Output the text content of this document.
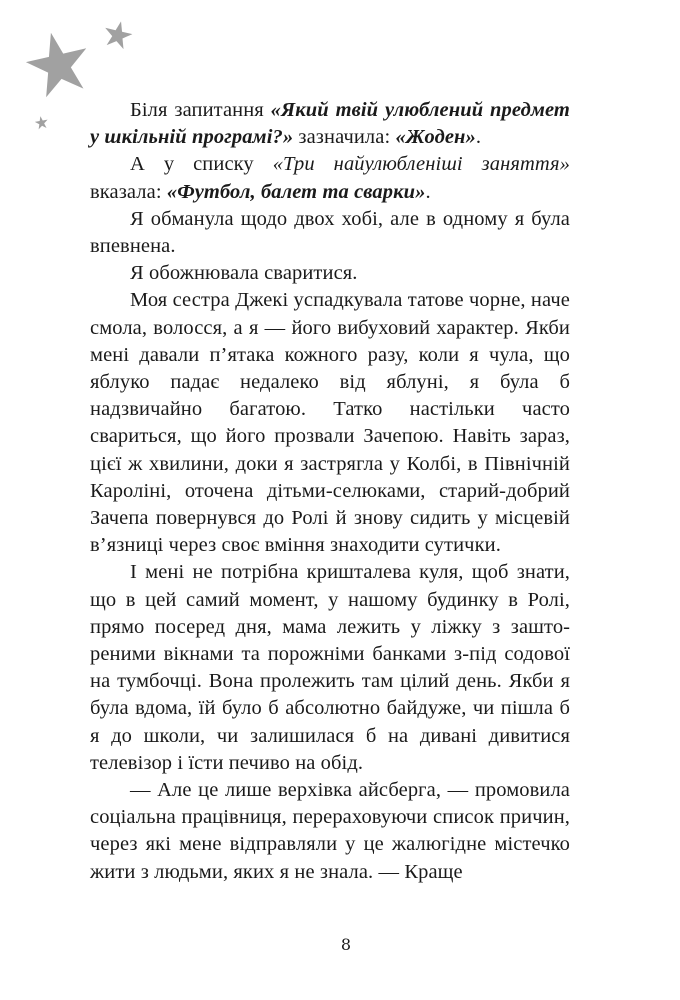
Біля запитання «Який твій улюблений предмет у шкільній програмі?» зазначила: «Жоден».

А у списку «Три найулюбленіші заняття» вказала: «Футбол, балет та сварки».

Я обманула щодо двох хобі, але в одному я була впевнена.

Я обожнювала сваритися.

Моя сестра Джекі успадкувала татове чорне, наче смола, волосся, а я — його вибуховий характер. Якби мені давали п’ятака кожного разу, коли я чула, що яблуко падає недалеко від яблуні, я була б надзвичайно багатою. Татко настільки часто свариться, що його прозвали Зачепою. Навіть зараз, цієї ж хвилини, доки я застрягла у Колбі, в Північній Кароліні, оточена дітьми-селюками, старий-добрий Зачепа повернувся до Ролі й знову сидить у місцевій в’язниці через своє вміння знаходити сутички.

І мені не потрібна кришталева куля, щоб знати, що в цей самий момент, у нашому будинку в Ролі, прямо посеред дня, мама лежить у ліжку з заштореними вікнами та порожніми банками з-під содової на тумбочці. Вона пролежить там цілий день. Якби я була вдома, їй було б абсолютно байдуже, чи пішла б я до школи, чи залишилася б на дивані дивитися телевізор і їсти печиво на обід.

— Але це лише верхівка айсберга, — промовила соціальна працівниця, перераховуючи список причин, через які мене відправляли у це жалюгідне містечко жити з людьми, яких я не знала. — Краще

8
